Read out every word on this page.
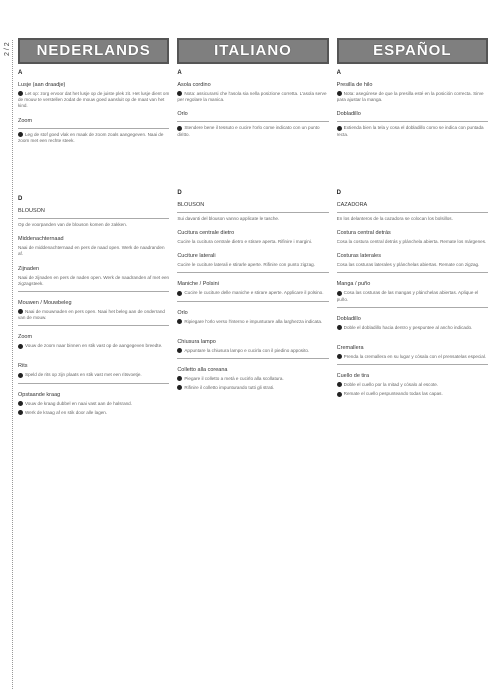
2 / 2	NEDERLANDS
A
Lusje (aan draadje)
Let op: zorg ervoor dat het lusje op de juiste plek zit. Het lusje dient om de mouw te verstellen zodat de mouw goed aansluit op de maat van het kind.
Zoom
Leg de stof goed vlak en maak de zoom zoals aangegeven. Naai de zoom met een rechte steek.
D
BLOUSON
Op de voorpanden van de blouson komen de zakken.
Middenachternaad
Naai de middenachternaad en pers de naad open. Werk de naadranden af.
Zijnaden
Naai de zijnaden en pers de naden open. Werk de naadranden af met een zigzagsteek.
Mouwen / Mouwbeleg
Naai de mouwnaden en pers open. Naai het beleg aan de onderrand van de mouw.
Zoom
Vouw de zoom naar binnen en stik vast op de aangegeven breedte.
Rits
Speld de rits op zijn plaats en stik vast met een ritsvoetje.
Opstaande kraag
Vouw de kraag dubbel en naai vast aan de halsrand.
Werk de kraag af en stik door alle lagen.
ITALIANO
A
Asola cordino
Nota: assicurarsi che l'asola sia nella posizione corretta. L'asola serve per regolare la manica.
Orlo
Stendere bene il tessuto e cucire l'orlo come indicato con un punto diritto.
D
BLOUSON
Sui davanti del blouson vanno applicate le tasche.
Cucitura centrale dietro
Cucire la cucitura centrale dietro e stirare aperta. Rifinire i margini.
Cuciture laterali
Cucire le cuciture laterali e stirarle aperte. Rifinire con punto zigzag.
Maniche / Polsini
Cucire le cuciture delle maniche e stirare aperte. Applicare il polsino.
Orlo
Ripiegare l'orlo verso l'interno e impunturare alla larghezza indicata.
Chiusura lampo
Appuntare la chiusura lampo e cucirla con il piedino apposito.
Colletto alla coreana
Piegare il colletto a metà e cucirlo alla scollatura.
Rifinire il colletto impunturando tutti gli strati.
ESPAÑOL
A
Presilla de hilo
Nota: asegúrese de que la presilla esté en la posición correcta. Sirve para ajustar la manga.
Dobladillo
Extienda bien la tela y cosa el dobladillo como se indica con puntada recta.
D
CAZADORA
En los delanteros de la cazadora se colocan los bolsillos.
Costura central detrás
Cosa la costura central detrás y plánchela abierta. Remate los márgenes.
Costuras laterales
Cosa las costuras laterales y plánchelas abiertas. Remate con zigzag.
Manga / puño
Cosa las costuras de las mangas y plánchelas abiertas. Aplique el puño.
Dobladillo
Doble el dobladillo hacia dentro y pespuntee al ancho indicado.
Cremallera
Prenda la cremallera en su lugar y cósala con el prensatelas especial.
Cuello de tira
Doble el cuello por la mitad y cósalo al escote.
Remate el cuello pespunteando todas las capas.
